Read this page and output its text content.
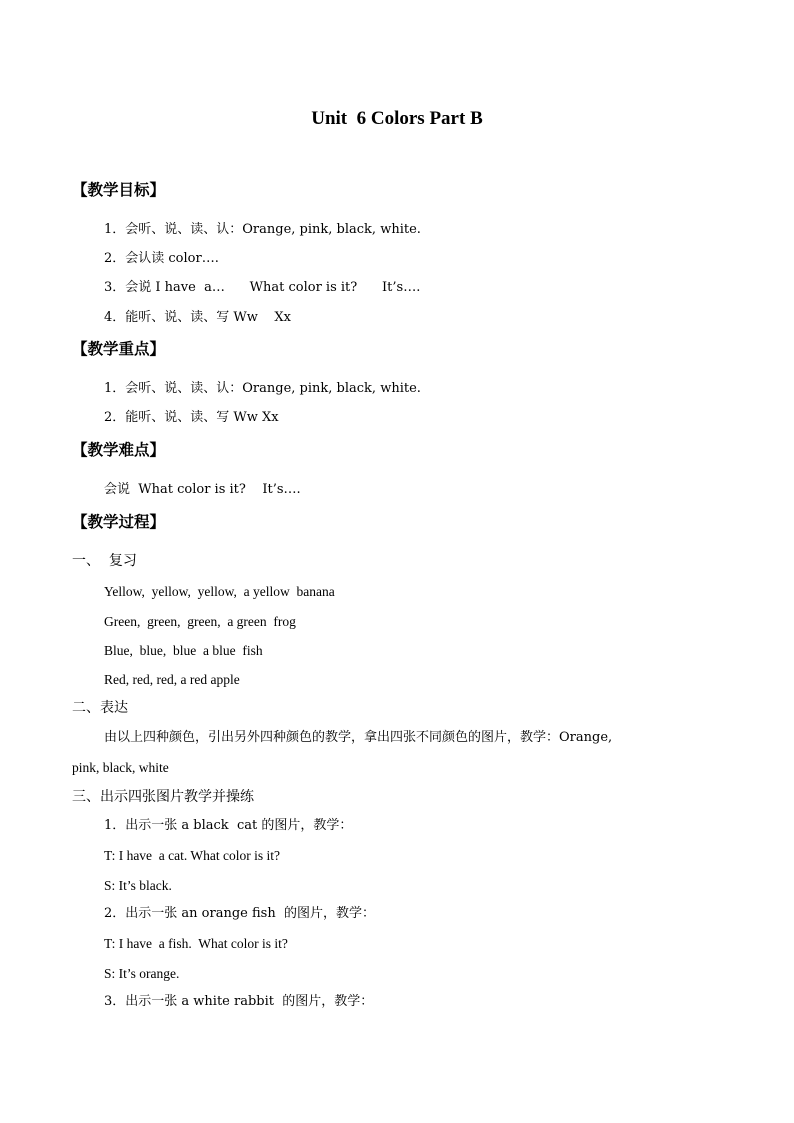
Unit  6 Colors Part B
【教学目标】
1．会听、说、读、认：Orange, pink, black, white.
2．会认读 color….
3．会说 I have  a…      What color is it?      It’s….
4．能听、说、读、写 Ww    Xx
【教学重点】
1．会听、说、读、认：Orange, pink, black, white.
2．能听、说、读、写 Ww Xx
【教学难点】
会说  What color is it?    It’s….
【教学过程】
一、  复习
Yellow,  yellow,  yellow,  a yellow  banana
Green,  green,  green,  a green  frog
Blue,  blue,  blue  a blue  fish
Red, red, red, a red apple
二、表达
由以上四种颜色，引出另外四种颜色的教学，拿出四张不同颜色的图片，教学：Orange,
pink, black, white
三、出示四张图片教学并操练
1．出示一张 a black  cat 的图片，教学：
T: I have  a cat. What color is it?
S: It’s black.
2．出示一张 an orange fish  的图片，教学：
T: I have  a fish.  What color is it?
S: It’s orange.
3．出示一张 a white rabbit  的图片，教学：
